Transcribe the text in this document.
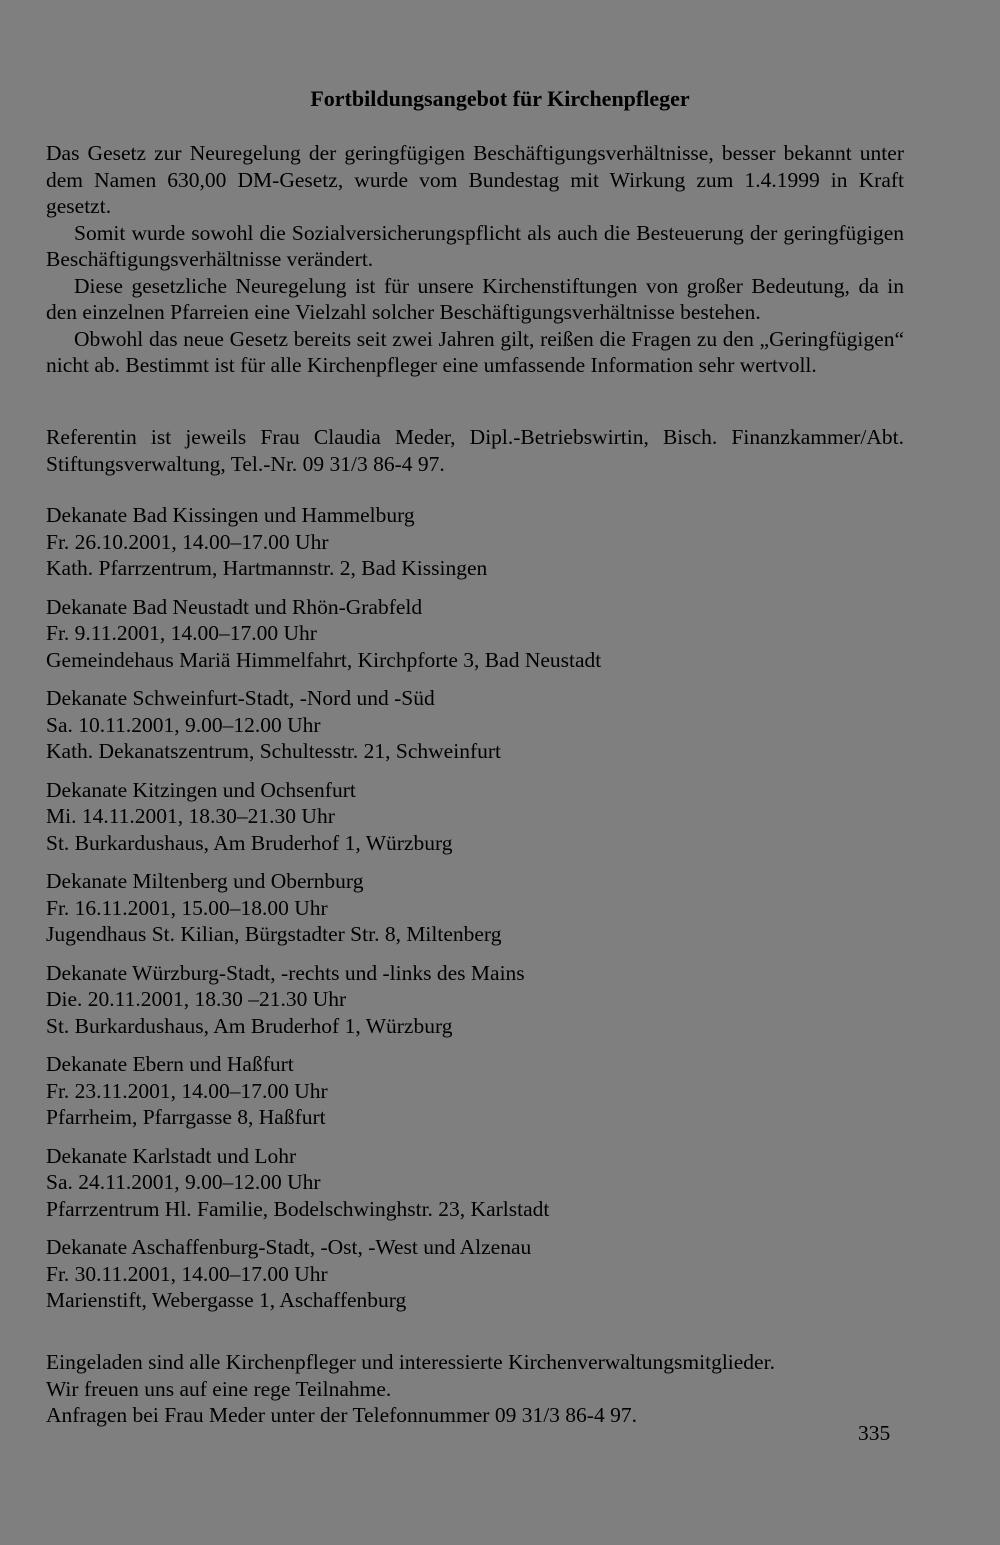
Fortbildungsangebot für Kirchenpfleger

Das Gesetz zur Neuregelung der geringfügigen Beschäftigungsverhältnisse, besser bekannt unter dem Namen 630,00 DM-Gesetz, wurde vom Bundestag mit Wirkung zum 1.4.1999 in Kraft gesetzt.

Somit wurde sowohl die Sozialversicherungspflicht als auch die Besteuerung der geringfügigen Beschäftigungsverhältnisse verändert.

Diese gesetzliche Neuregelung ist für unsere Kirchenstiftungen von großer Bedeutung, da in den einzelnen Pfarreien eine Vielzahl solcher Beschäftigungsverhältnisse bestehen.

Obwohl das neue Gesetz bereits seit zwei Jahren gilt, reißen die Fragen zu den „Geringfügigen“ nicht ab. Bestimmt ist für alle Kirchenpfleger eine umfassende Information sehr wertvoll.

Referentin ist jeweils Frau Claudia Meder, Dipl.-Betriebswirtin, Bisch. Finanzkammer/Abt. Stiftungsverwaltung, Tel.-Nr. 09 31/3 86-4 97.

Dekanate Bad Kissingen und Hammelburg
Fr. 26.10.2001, 14.00–17.00 Uhr
Kath. Pfarrzentrum, Hartmannstr. 2, Bad Kissingen
Dekanate Bad Neustadt und Rhön-Grabfeld
Fr. 9.11.2001, 14.00–17.00 Uhr
Gemeindehaus Mariä Himmelfahrt, Kirchpforte 3, Bad Neustadt
Dekanate Schweinfurt-Stadt, -Nord und -Süd
Sa. 10.11.2001, 9.00–12.00 Uhr
Kath. Dekanatszentrum, Schultesstr. 21, Schweinfurt
Dekanate Kitzingen und Ochsenfurt
Mi. 14.11.2001, 18.30–21.30 Uhr
St. Burkardushaus, Am Bruderhof 1, Würzburg
Dekanate Miltenberg und Obernburg
Fr. 16.11.2001, 15.00–18.00 Uhr
Jugendhaus St. Kilian, Bürgstadter Str. 8, Miltenberg
Dekanate Würzburg-Stadt, -rechts und -links des Mains
Die. 20.11.2001, 18.30 –21.30 Uhr
St. Burkardushaus, Am Bruderhof 1, Würzburg
Dekanate Ebern und Haßfurt
Fr. 23.11.2001, 14.00–17.00 Uhr
Pfarrheim, Pfarrgasse 8, Haßfurt
Dekanate Karlstadt und Lohr
Sa. 24.11.2001, 9.00–12.00 Uhr
Pfarrzentrum Hl. Familie, Bodelschwinghstr. 23, Karlstadt
Dekanate Aschaffenburg-Stadt, -Ost, -West und Alzenau
Fr. 30.11.2001, 14.00–17.00 Uhr
Marienstift, Webergasse 1, Aschaffenburg
Eingeladen sind alle Kirchenpfleger und interessierte Kirchenverwaltungsmitglieder.
Wir freuen uns auf eine rege Teilnahme.
Anfragen bei Frau Meder unter der Telefonnummer 09 31/3 86-4 97.
335
